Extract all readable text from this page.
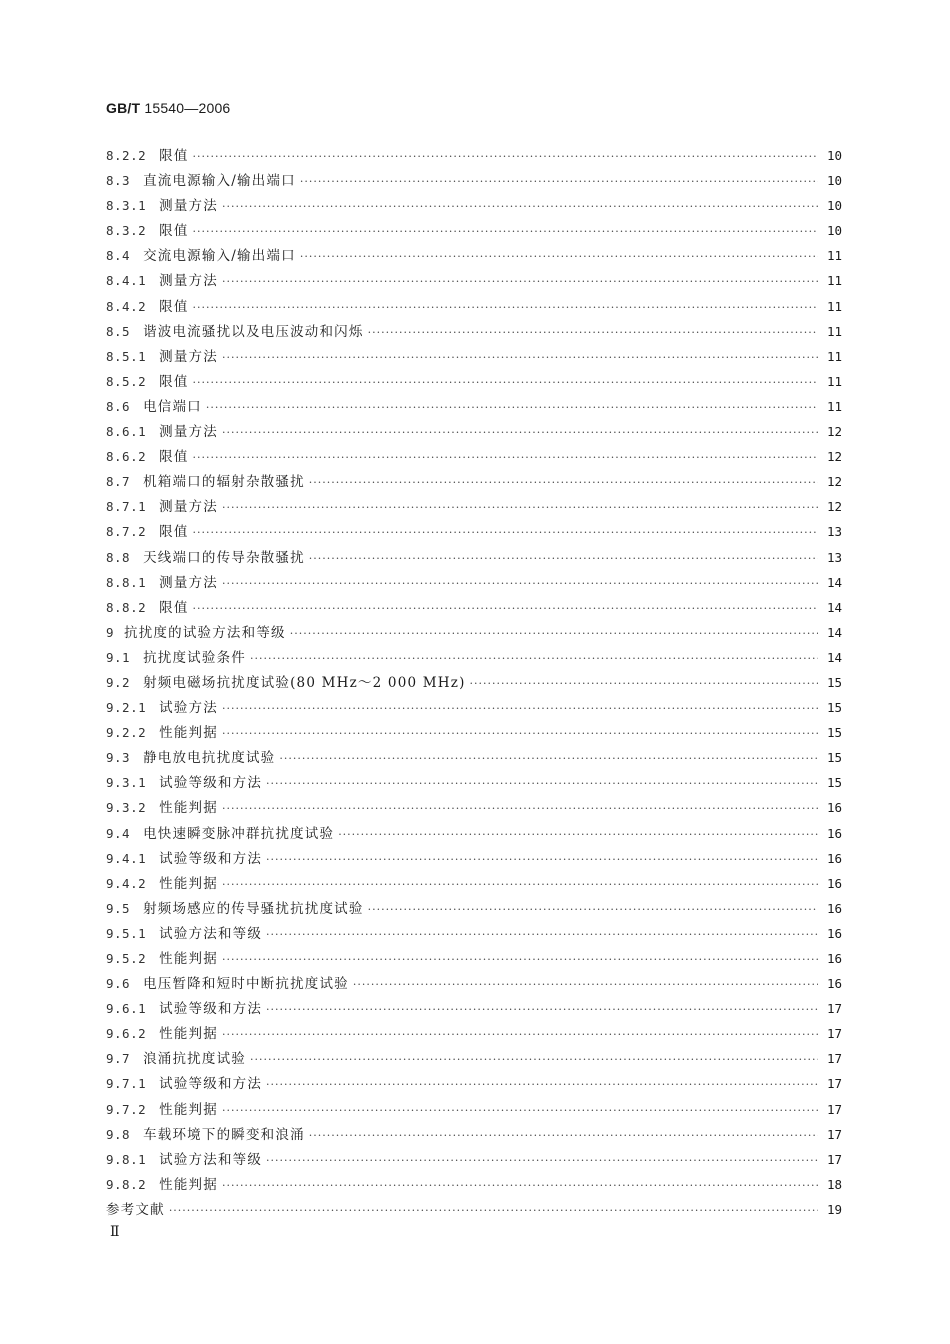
GB/T 15540—2006
8.2.2 限值 ·····	10
8.3 直流电源输入/输出端口 ·····	10
8.3.1 测量方法 ·····	10
8.3.2 限值 ·····	10
8.4 交流电源输入/输出端口 ·····	11
8.4.1 测量方法 ·····	11
8.4.2 限值 ·····	11
8.5 谐波电流骚扰以及电压波动和闪烁 ·····	11
8.5.1 测量方法 ·····	11
8.5.2 限值 ·····	11
8.6 电信端口 ·····	11
8.6.1 测量方法 ·····	12
8.6.2 限值 ·····	12
8.7 机箱端口的辐射杂散骚扰 ·····	12
8.7.1 测量方法 ·····	12
8.7.2 限值 ·····	13
8.8 天线端口的传导杂散骚扰 ·····	13
8.8.1 测量方法 ·····	14
8.8.2 限值 ·····	14
9 抗扰度的试验方法和等级 ·····	14
9.1 抗扰度试验条件 ·····	14
9.2 射频电磁场抗扰度试验(80 MHz～2 000 MHz) ·····	15
9.2.1 试验方法 ·····	15
9.2.2 性能判据 ·····	15
9.3 静电放电抗扰度试验 ·····	15
9.3.1 试验等级和方法 ·····	15
9.3.2 性能判据 ·····	16
9.4 电快速瞬变脉冲群抗扰度试验 ·····	16
9.4.1 试验等级和方法 ·····	16
9.4.2 性能判据 ·····	16
9.5 射频场感应的传导骚扰抗扰度试验 ·····	16
9.5.1 试验方法和等级 ·····	16
9.5.2 性能判据 ·····	16
9.6 电压暂降和短时中断抗扰度试验 ·····	16
9.6.1 试验等级和方法 ·····	17
9.6.2 性能判据 ·····	17
9.7 浪涌抗扰度试验 ·····	17
9.7.1 试验等级和方法 ·····	17
9.7.2 性能判据 ·····	17
9.8 车载环境下的瞬变和浪涌 ·····	17
9.8.1 试验方法和等级 ·····	17
9.8.2 性能判据 ·····	18
参考文献 ·····	19
Ⅱ
